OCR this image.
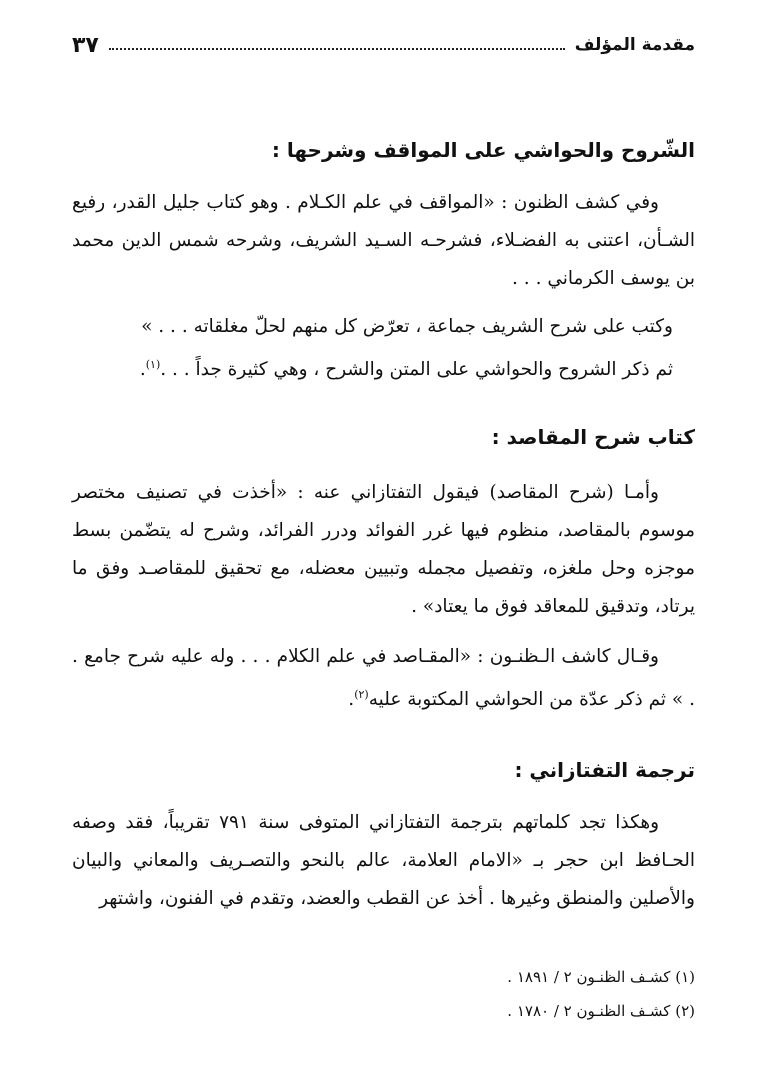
مقدمة المؤلف
٣٧
الشّروح والحواشي على المواقف وشرحها :
وفي كشف الظنون : «المواقف في علم الكـلام . وهو كتاب جليل القدر، رفيع الشـأن، اعتنى به الفضـلاء، فشرحـه السـيد الشريف، وشرحه شمس الدين محمد بن يوسف الكرماني . . .
وكتب على شرح الشريف جماعة ، تعرّض كل منهم لحلّ مغلقاته . . . »
ثم ذكر الشروح والحواشي على المتن والشرح ، وهي كثيرة جداً . . .$^{(١)}$.
كتاب شرح المقاصد :
وأمـا (شرح المقاصد) فيقول التفتازاني عنه : «أخذت في تصنيف مختصر موسوم بالمقاصد، منظوم فيها غرر الفوائد ودرر الفرائد، وشرح له يتضّمن بسط موجزه وحل ملغزه، وتفصيل مجمله وتبيين معضله، مع تحقيق للمقاصـد وفق ما يرتاد، وتدقيق للمعاقد فوق ما يعتاد» .
وقـال كاشف الـظنـون : «المقـاصد في علم الكلام . . . وله عليه شرح جامع . . » ثم ذكر عدّة من الحواشي المكتوبة عليه$^{(٢)}$.
ترجمة التفتازاني :
وهكذا تجد كلماتهم بترجمة التفتازاني المتوفى سنة ٧٩١ تقريباً، فقد وصفه الحـافظ ابن حجر بـ «الامام العلامة، عالم بالنحو والتصـريف والمعاني والبيان والأصلين والمنطق وغيرها . أخذ عن القطب والعضد، وتقدم في الفنون، واشتهر
(١) كشـف الظنـون ٢ / ١٨٩١ .
(٢) كشـف الظنـون ٢ / ١٧٨٠ .
